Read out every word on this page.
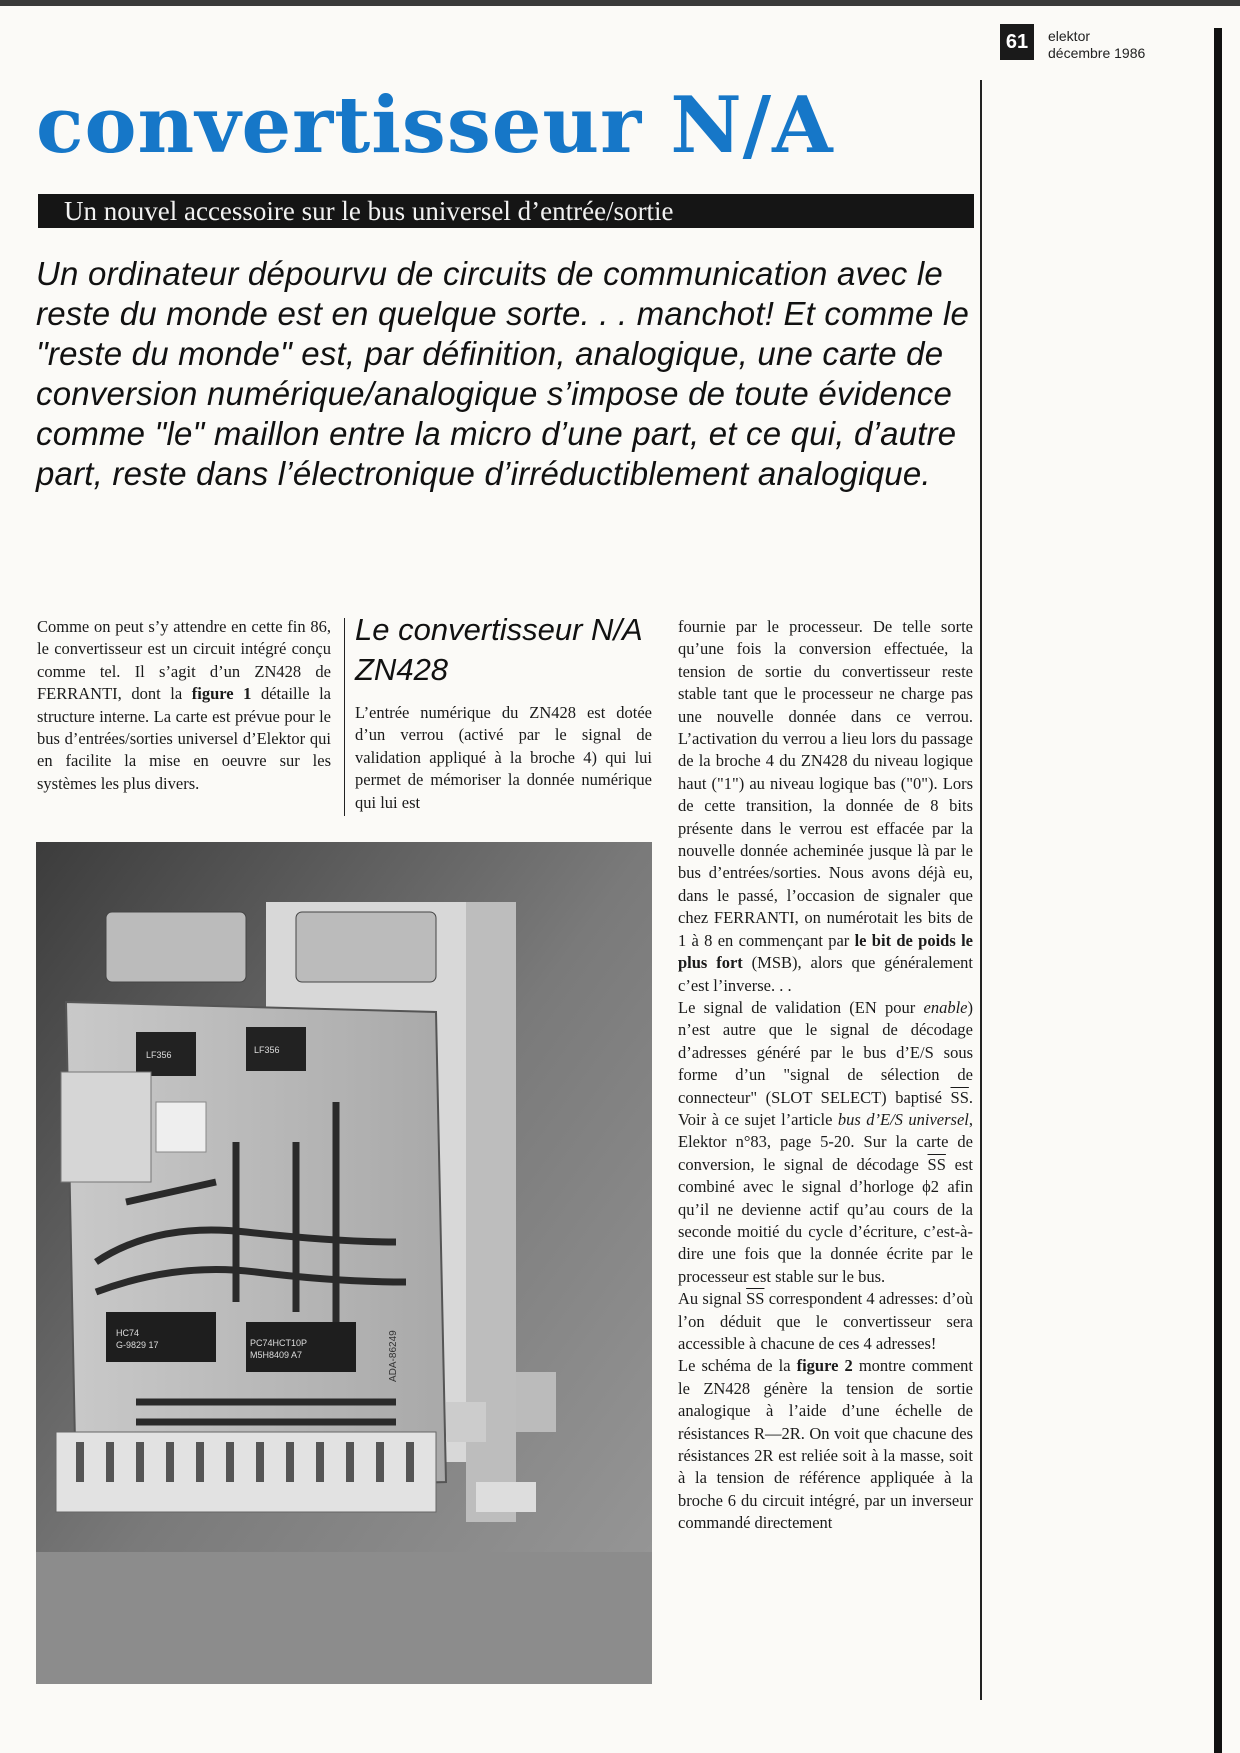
61	elektor
décembre 1986
convertisseur N/A
Un nouvel accessoire sur le bus universel d’entrée/sortie

Un ordinateur dépourvu de circuits de communication avec le reste du monde est en quelque sorte. . . manchot! Et comme le "reste du monde" est, par définition, analogique, une carte de conversion numérique/analogique s’impose de toute évidence comme "le" maillon entre la micro d’une part, et ce qui, d’autre part, reste dans l’électronique d’irréductiblement analogique.

Comme on peut s’y attendre en cette fin 86, le convertisseur est un circuit intégré conçu comme tel. Il s’agit d’un ZN428 de FERRANTI, dont la figure 1 détaille la structure interne. La carte est prévue pour le bus d’entrées/sorties universel d’Elektor qui en facilite la mise en oeuvre sur les systèmes les plus divers.

Le convertisseur N/A ZN428

L’entrée numérique du ZN428 est dotée d’un verrou (activé par le signal de validation appliqué à la broche 4) qui lui permet de mémoriser la donnée numérique qui lui est

fournie par le processeur. De telle sorte qu’une fois la conversion effectuée, la tension de sortie du convertisseur reste stable tant que le processeur ne charge pas une nouvelle donnée dans ce verrou. L’activation du verrou a lieu lors du passage de la broche 4 du ZN428 du niveau logique haut ("1") au niveau logique bas ("0"). Lors de cette transition, la donnée de 8 bits présente dans le verrou est effacée par la nouvelle donnée acheminée jusque là par le bus d’entrées/sorties. Nous avons déjà eu, dans le passé, l’occasion de signaler que chez FERRANTI, on numérotait les bits de 1 à 8 en commençant par le bit de poids le plus fort (MSB), alors que généralement c’est l’inverse. . .

Le signal de validation (EN pour enable) n’est autre que le signal de décodage d’adresses généré par le bus d’E/S sous forme d’un "signal de sélection de connecteur" (SLOT SELECT) baptisé $\overline{SS}$. Voir à ce sujet l’article bus d’E/S universel, Elektor n°83, page 5-20. Sur la carte de conversion, le signal de décodage $\overline{SS}$ est combiné avec le signal d’horloge ϕ2 afin qu’il ne devienne actif qu’au cours de la seconde moitié du cycle d’écriture, c’est-à-dire une fois que la donnée écrite par le processeur est stable sur le bus.

Au signal $\overline{SS}$ correspondent 4 adresses: d’où l’on déduit que le convertisseur sera accessible à chacune de ces 4 adresses!

Le schéma de la figure 2 montre comment le ZN428 génère la tension de sortie analogique à l’aide d’une échelle de résistances R—2R. On voit que chacune des résistances 2R est reliée soit à la masse, soit à la tension de référence appliquée à la broche 6 du circuit intégré, par un inverseur commandé directement

LF356	LF356
HC74
G-9829 17	PC74HCT10P
M5H8409 A7	ADA-86249
